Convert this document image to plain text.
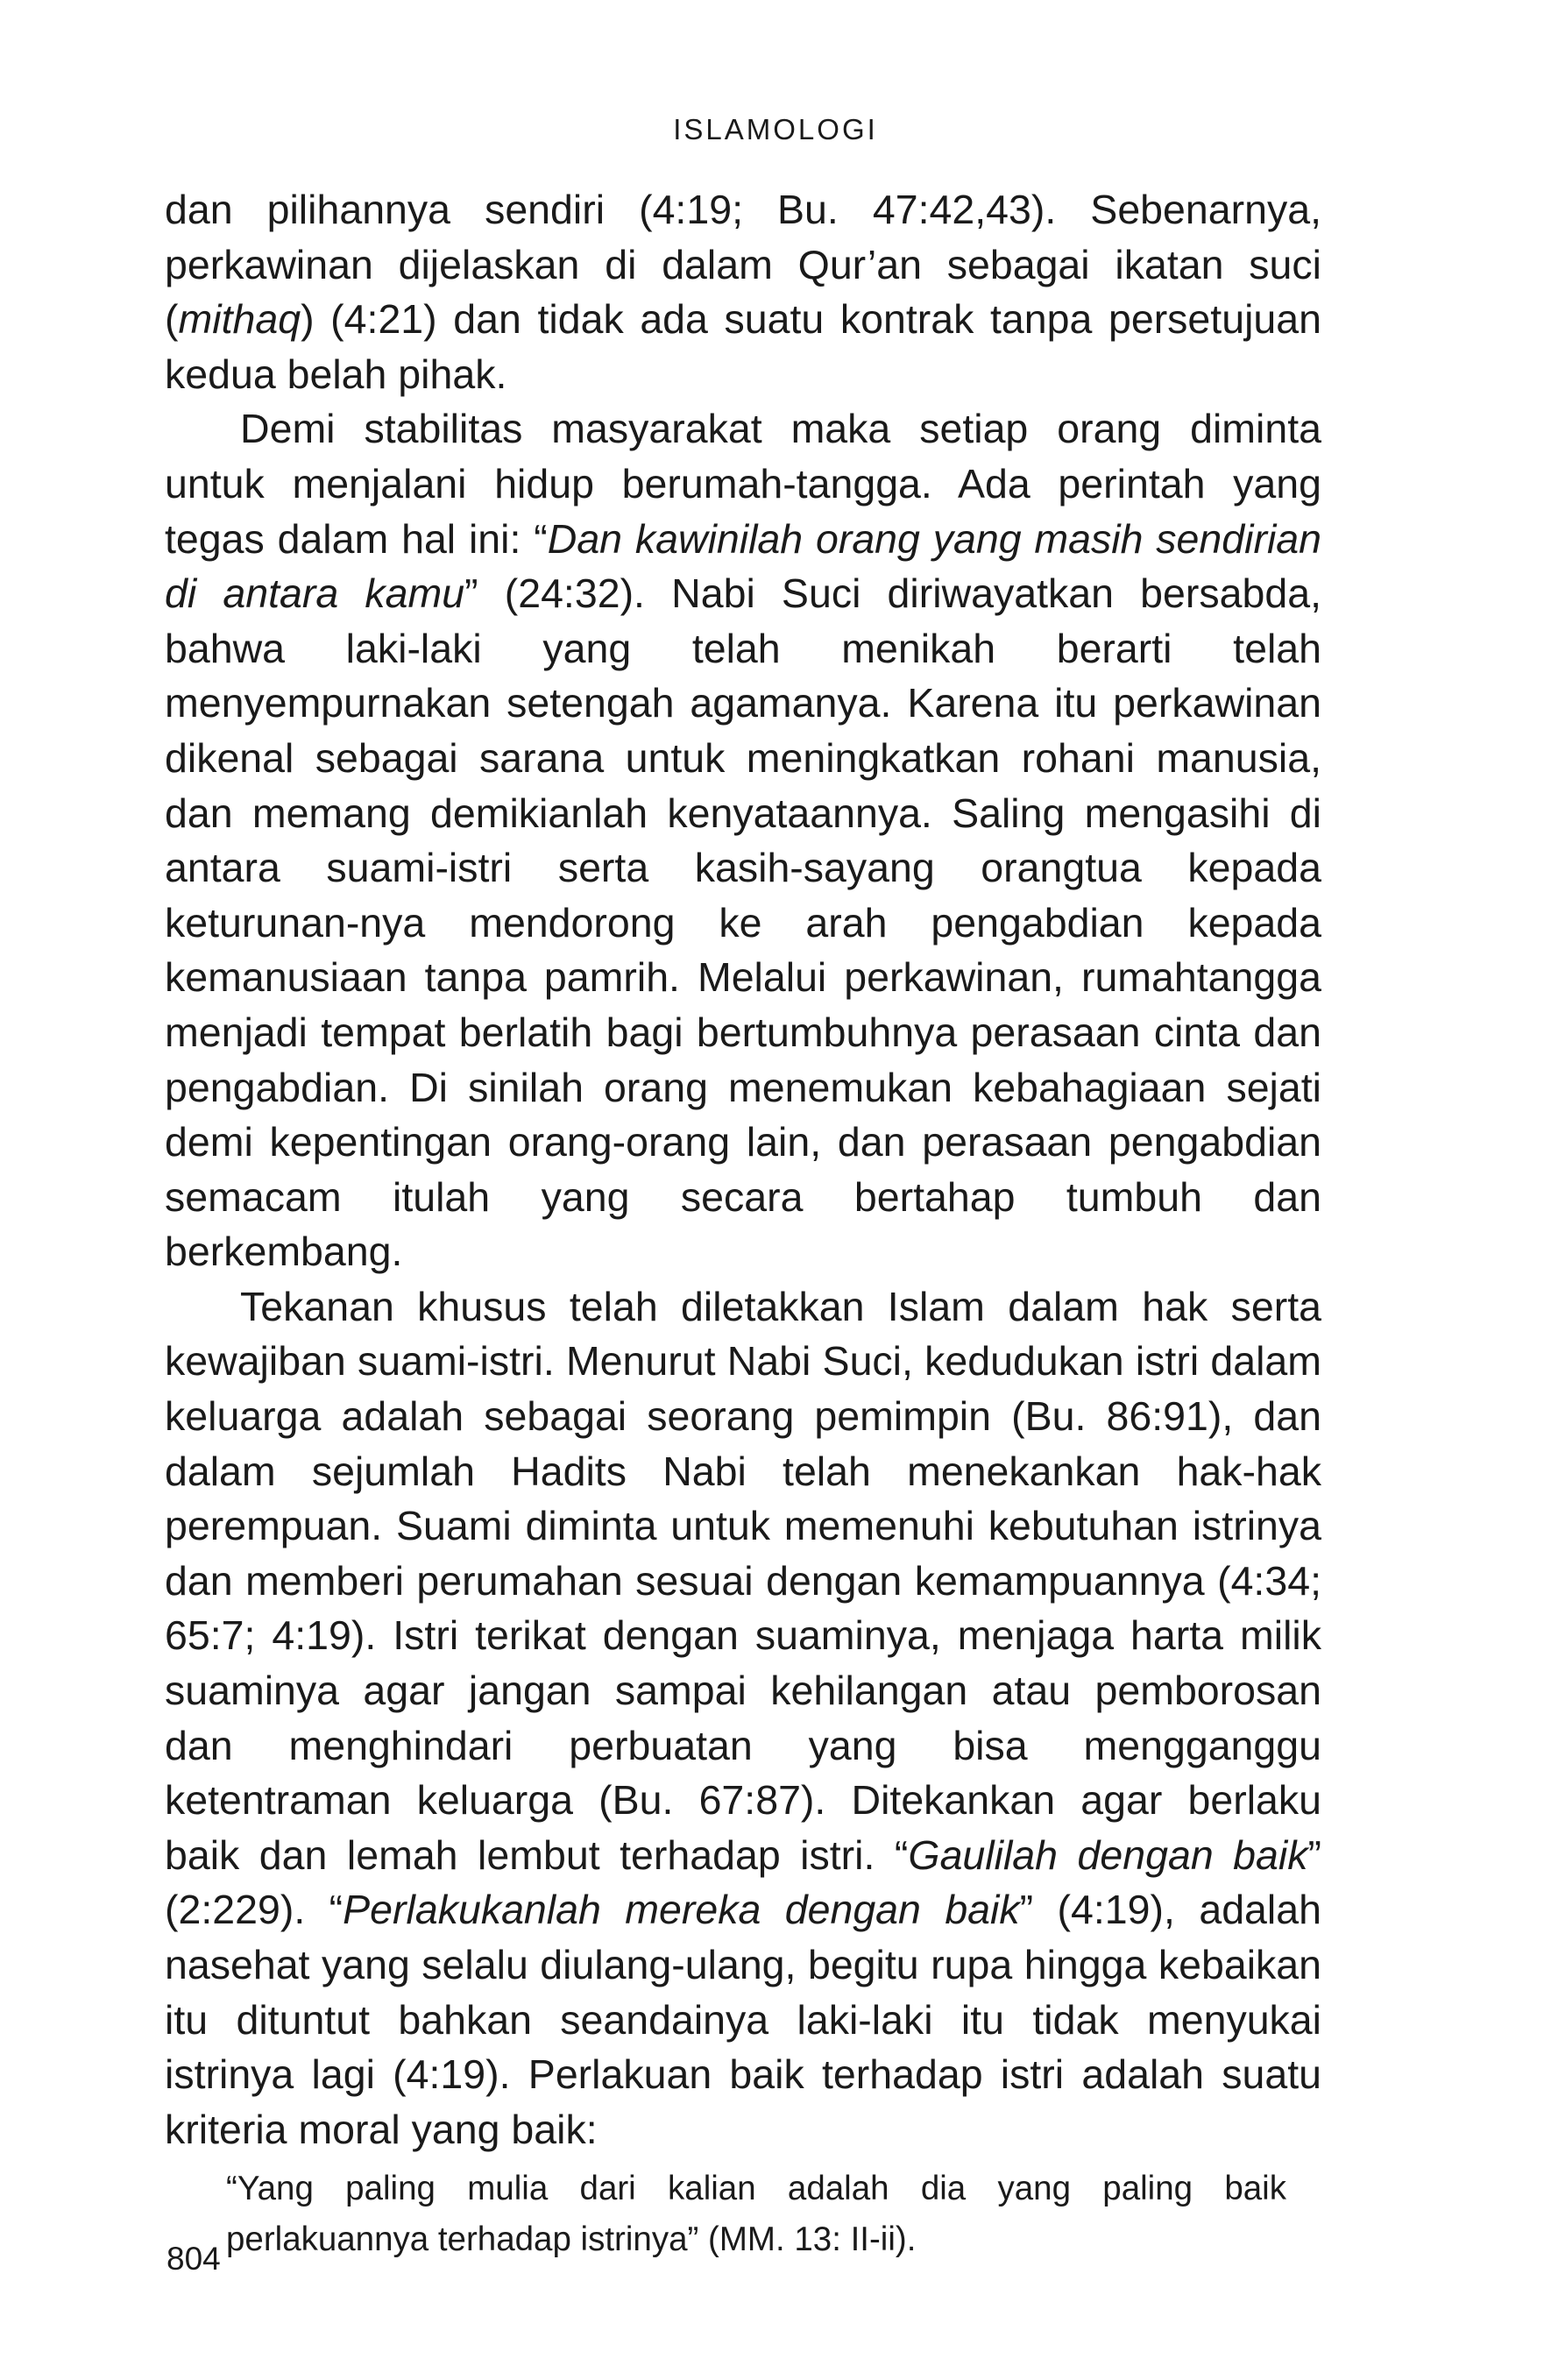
ISLAMOLOGI

dan pilihannya sendiri (4:19; Bu. 47:42,43). Sebenarnya, perkawinan dijelaskan di dalam Qur’an sebagai ikatan suci (mithaq) (4:21) dan tidak ada suatu kontrak tanpa persetujuan kedua belah pihak.

Demi stabilitas masyarakat maka setiap orang diminta untuk menjalani hidup berumah-tangga. Ada perintah yang tegas dalam hal ini: “Dan kawinilah orang yang masih sendirian di antara kamu” (24:32). Nabi Suci diriwayatkan bersabda, bahwa laki-laki yang telah menikah berarti telah menyempurnakan setengah agamanya. Karena itu perkawinan dikenal sebagai sarana untuk meningkatkan rohani manusia, dan memang demikianlah kenyataannya. Saling mengasihi di antara suami-istri serta kasih-sayang orangtua kepada keturunan-nya mendorong ke arah pengabdian kepada kemanusiaan tanpa pamrih. Melalui perkawinan, rumahtangga menjadi tempat berlatih bagi bertumbuhnya perasaan cinta dan pengabdian. Di sinilah orang menemukan kebahagiaan sejati demi kepentingan orang-orang lain, dan perasaan pengabdian semacam itulah yang secara bertahap tumbuh dan berkembang.

Tekanan khusus telah diletakkan Islam dalam hak serta kewajiban suami-istri. Menurut Nabi Suci, kedudukan istri dalam keluarga adalah sebagai seorang pemimpin (Bu. 86:91), dan dalam sejumlah Hadits Nabi telah menekankan hak-hak perempuan. Suami diminta untuk memenuhi kebutuhan istrinya dan memberi perumahan sesuai dengan kemampuannya (4:34; 65:7; 4:19). Istri terikat dengan suaminya, menjaga harta milik suaminya agar jangan sampai kehilangan atau pemborosan dan menghindari perbuatan yang bisa mengganggu ketentraman keluarga (Bu. 67:87). Ditekankan agar berlaku baik dan lemah lembut terhadap istri. “Gaulilah dengan baik” (2:229). “Perlakukanlah mereka dengan baik” (4:19), adalah nasehat yang selalu diulang-ulang, begitu rupa hingga kebaikan itu dituntut bahkan seandainya laki-laki itu tidak menyukai istrinya lagi (4:19). Perlakuan baik terhadap istri adalah suatu kriteria moral yang baik:

“Yang paling mulia dari kalian adalah dia yang paling baik perlakuannya terhadap istrinya” (MM. 13: II-ii).

804
